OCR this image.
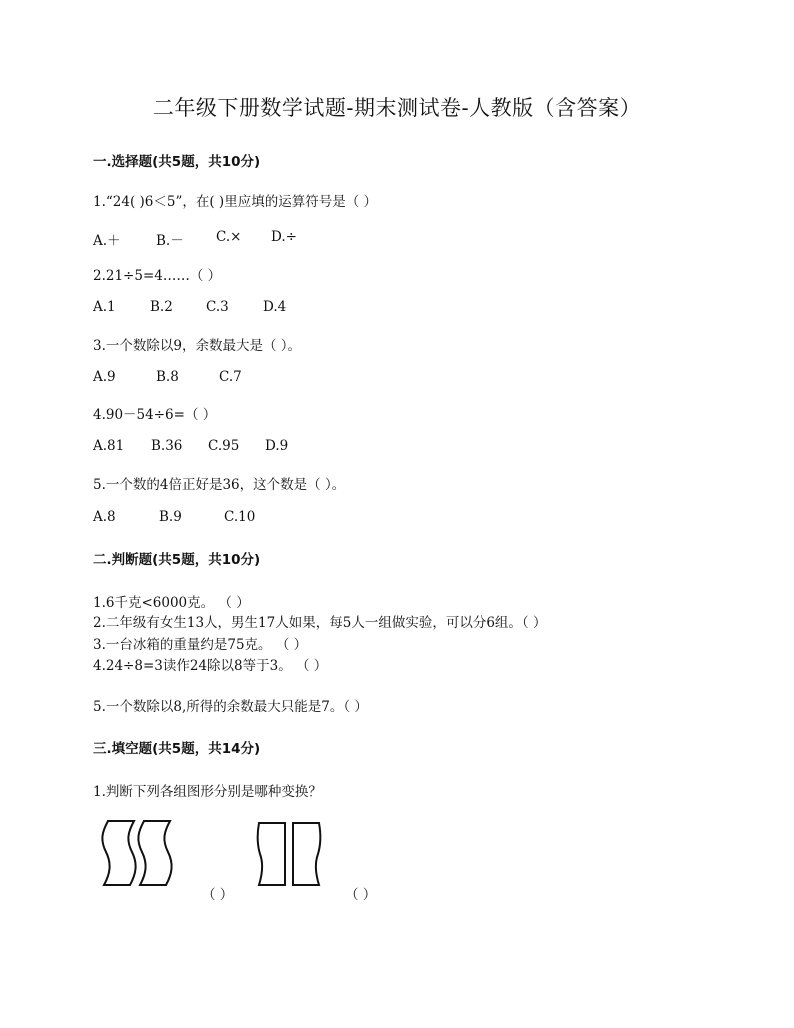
二年级下册数学试题-期末测试卷-人教版（含答案）
一.选择题(共5题，共10分)
1.“24( )6＜5”，在( )里应填的运算符号是（ ）
A.＋	B.－	C.×	D.÷
2.21÷5=4……（ ）
A.1	B.2	C.3	D.4
3.一个数除以9，余数最大是（ ）。
A.9	B.8	C.7
4.90－54÷6=（ ）
A.81	B.36	C.95	D.9
5.一个数的4倍正好是36，这个数是（ ）。
A.8	B.9	C.10
二.判断题(共5题，共10分)
1.6千克<6000克。 （ ）
2.二年级有女生13人，男生17人如果，每5人一组做实验，可以分6组。（ ）
3.一台冰箱的重量约是75克。 （ ）
4.24÷8=3读作24除以8等于3。 （ ）
5.一个数除以8,所得的余数最大只能是7。（ ）
三.填空题(共5题，共14分)
1.判断下列各组图形分别是哪种变换？
（ ）	（ ）
